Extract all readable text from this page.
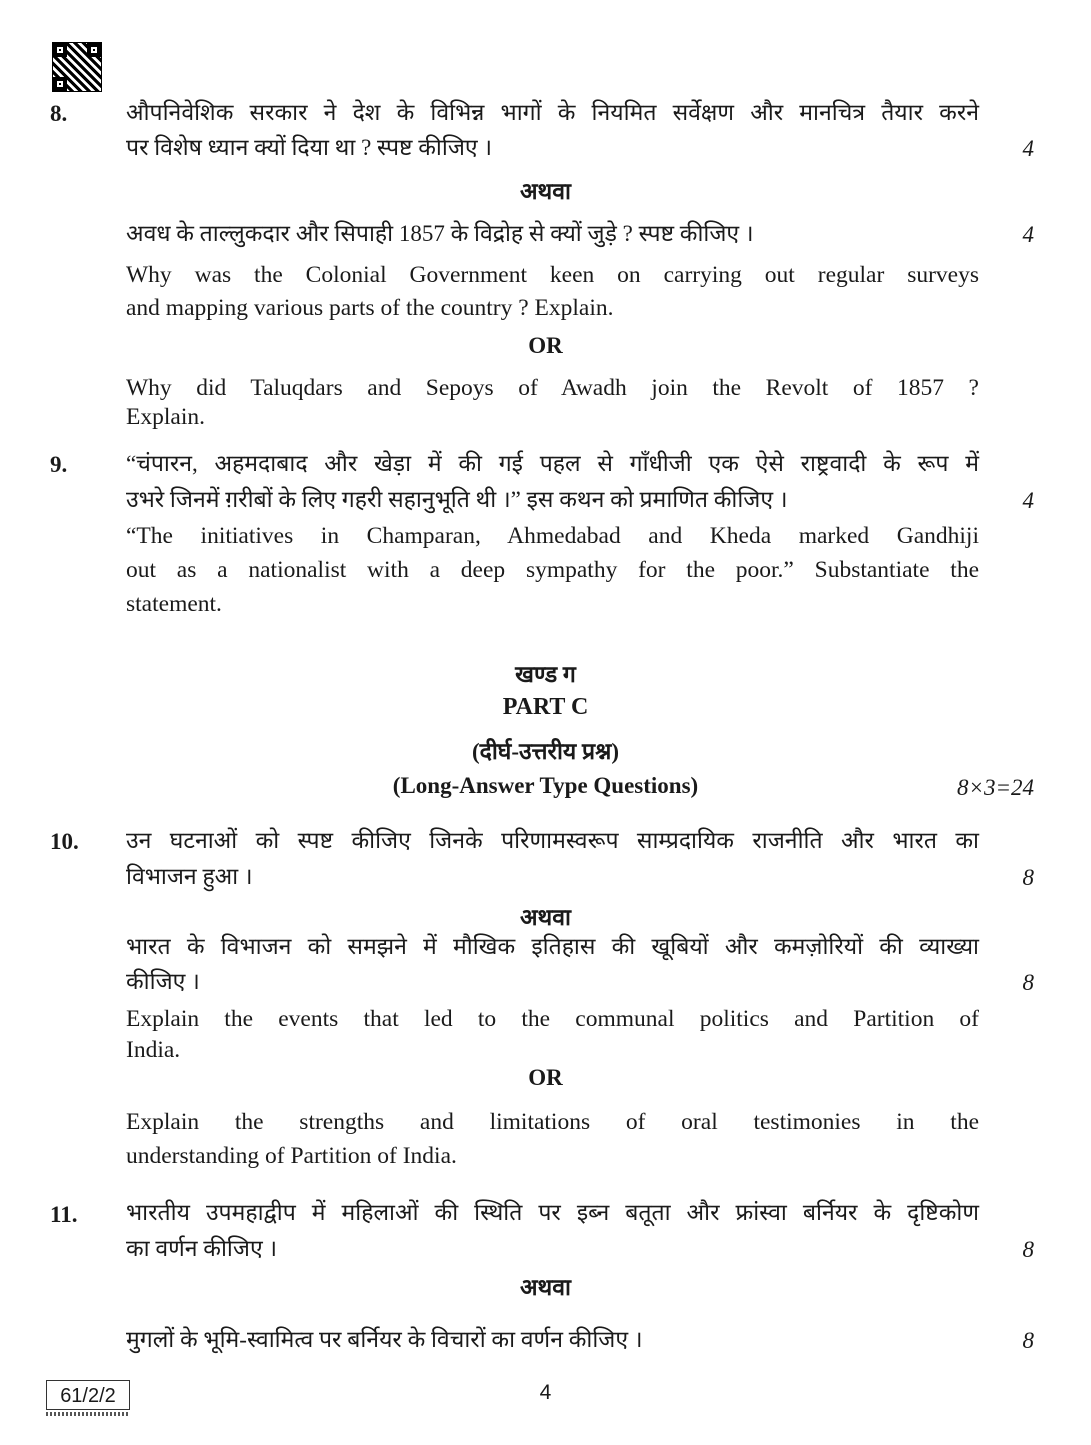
8.	औपनिवेशिक सरकार ने देश के विभिन्न भागों के नियमित सर्वेक्षण और मानचित्र तैयार करने
पर विशेष ध्यान क्यों दिया था ? स्पष्ट कीजिए ।	4
अथवा
अवध के ताल्लुकदार और सिपाही 1857 के विद्रोह से क्यों जुड़े ? स्पष्ट कीजिए ।	4
Why was the Colonial Government keen on carrying out regular surveys
and mapping various parts of the country ? Explain.
OR
Why did Taluqdars and Sepoys of Awadh join the Revolt of 1857 ?
Explain.
9.	“चंपारन, अहमदाबाद और खेड़ा में की गई पहल से गाँधीजी एक ऐसे राष्ट्रवादी के रूप में
उभरे जिनमें ग़रीबों के लिए गहरी सहानुभूति थी ।” इस कथन को प्रमाणित कीजिए ।	4
“The initiatives in Champaran, Ahmedabad and Kheda marked Gandhiji
out as a nationalist with a deep sympathy for the poor.” Substantiate the
statement.
खण्ड ग
PART C
(दीर्घ-उत्तरीय प्रश्न)
(Long-Answer Type Questions)	8×3=24
10. उन घटनाओं को स्पष्ट कीजिए जिनके परिणामस्वरूप साम्प्रदायिक राजनीति और भारत का
विभाजन हुआ ।	8
अथवा
भारत के विभाजन को समझने में मौखिक इतिहास की खूबियों और कमज़ोरियों की व्याख्या
कीजिए ।	8
Explain the events that led to the communal politics and Partition of
India.
OR
Explain the strengths and limitations of oral testimonies in the
understanding of Partition of India.
11. भारतीय उपमहाद्वीप में महिलाओं की स्थिति पर इब्न बतूता और फ्रांस्वा बर्नियर के दृष्टिकोण
का वर्णन कीजिए ।	8
अथवा
मुगलों के भूमि-स्वामित्व पर बर्नियर के विचारों का वर्णन कीजिए ।	8
61/2/2	4
